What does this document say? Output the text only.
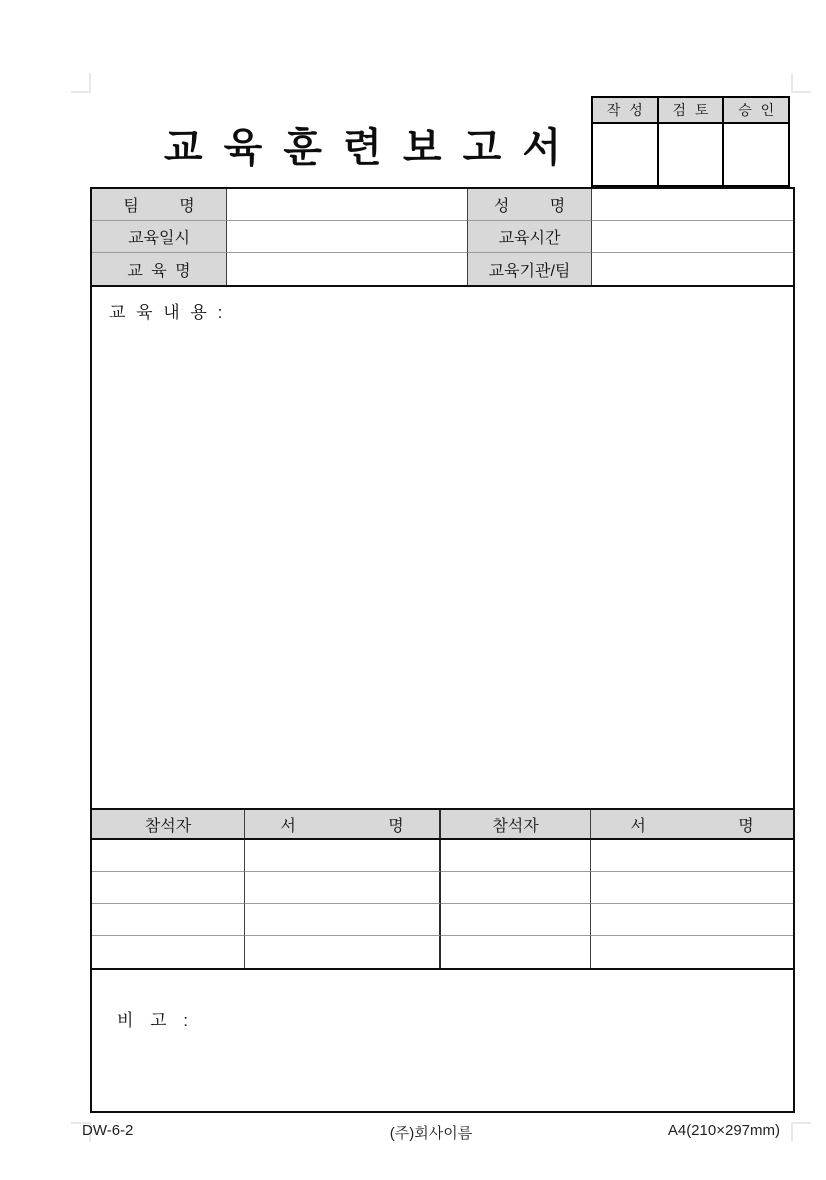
교 육 훈 련 보 고 서
작 성	검 토	승 인
팀 명	성 명
교육일시	교육시간
교 육 명	교육기관/팀
교 육 내 용 :
참석자	서 명	참석자	서 명
비 고 :
DW-6-2	(주)회사이름	A4(210×297mm)
